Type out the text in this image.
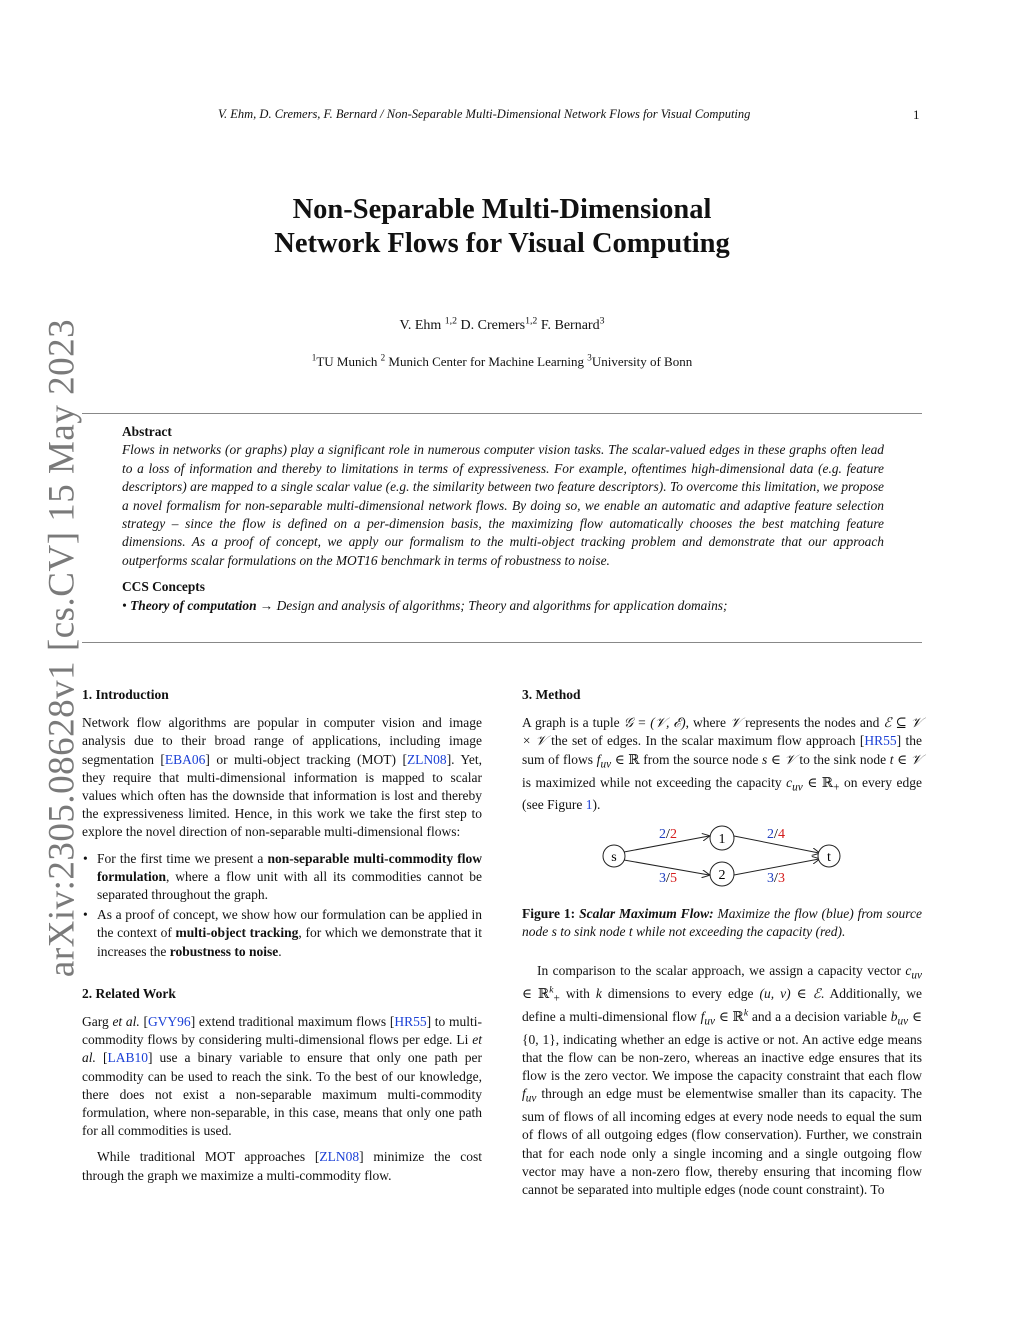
arXiv:2305.08628v1 [cs.CV] 15 May 2023
V. Ehm, D. Cremers, F. Bernard / Non-Separable Multi-Dimensional Network Flows for Visual Computing	1
Non-Separable Multi-Dimensional
Network Flows for Visual Computing
V. Ehm $^{1,2}$ D. Cremers$^{1,2}$ F. Bernard$^3$
$^1$TU Munich $^2$ Munich Center for Machine Learning $^3$University of Bonn
Abstract
Flows in networks (or graphs) play a significant role in numerous computer vision tasks. The scalar-valued edges in these graphs often lead to a loss of information and thereby to limitations in terms of expressiveness. For example, oftentimes high-dimensional data (e.g. feature descriptors) are mapped to a single scalar value (e.g. the similarity between two feature descriptors). To overcome this limitation, we propose a novel formalism for non-separable multi-dimensional network flows. By doing so, we enable an automatic and adaptive feature selection strategy – since the flow is defined on a per-dimension basis, the maximizing flow automatically chooses the best matching feature dimensions. As a proof of concept, we apply our formalism to the multi-object tracking problem and demonstrate that our approach outperforms scalar formulations on the MOT16 benchmark in terms of robustness to noise.
CCS Concepts
• Theory of computation → Design and analysis of algorithms; Theory and algorithms for application domains;
1. Introduction

Network flow algorithms are popular in computer vision and image analysis due to their broad range of applications, including image segmentation [EBA06] or multi-object tracking (MOT) [ZLN08]. Yet, they require that multi-dimensional information is mapped to scalar values which often has the downside that information is lost and thereby the expressiveness limited. Hence, in this work we take the first step to explore the novel direction of non-separable multi-dimensional flows:

• For the first time we present a non-separable multi-commodity flow formulation, where a flow unit with all its commodities cannot be separated throughout the graph.
• As a proof of concept, we show how our formulation can be applied in the context of multi-object tracking, for which we demonstrate that it increases the robustness to noise.
2. Related Work

Garg et al. [GVY96] extend traditional maximum flows [HR55] to multi-commodity flows by considering multi-dimensional flows per edge. Li et al. [LAB10] use a binary variable to ensure that only one path per commodity can be used to reach the sink. To the best of our knowledge, there does not exist a non-separable maximum multi-commodity formulation, where non-separable, in this case, means that only one path for all commodities is used.

While traditional MOT approaches [ZLN08] minimize the cost through the graph we maximize a multi-commodity flow.

3. Method

A graph is a tuple 𝒢 = (𝒱, ℰ), where 𝒱 represents the nodes and ℰ ⊆ 𝒱 × 𝒱 the set of edges. In the scalar maximum flow approach [HR55] the sum of flows $f_{uv}$ ∈ ℝ from the source node s ∈ 𝒱 to the sink node t ∈ 𝒱 is maximized while not exceeding the capacity $c_{uv}$ ∈ ℝ$_+$ on every edge (see Figure 1).

s
1
2
t
2/2	2/4
3/5	3/3
Figure 1: Scalar Maximum Flow: Maximize the flow (blue) from source node s to sink node t while not exceeding the capacity (red).

In comparison to the scalar approach, we assign a capacity vector $c_{uv}$ ∈ ℝ$^k_+$ with k dimensions to every edge (u, v) ∈ ℰ. Additionally, we define a multi-dimensional flow $f_{uv}$ ∈ ℝ$^k$ and a a decision variable $b_{uv}$ ∈ {0, 1}, indicating whether an edge is active or not. An active edge means that the flow can be non-zero, whereas an inactive edge ensures that its flow is the zero vector. We impose the capacity constraint that each flow $f_{uv}$ through an edge must be elementwise smaller than its capacity. The sum of flows of all incoming edges at every node needs to equal the sum of flows of all outgoing edges (flow conservation). Further, we constrain that for each node only a single incoming and a single outgoing flow vector may have a non-zero flow, thereby ensuring that incoming flow cannot be separated into multiple edges (node count constraint). To
